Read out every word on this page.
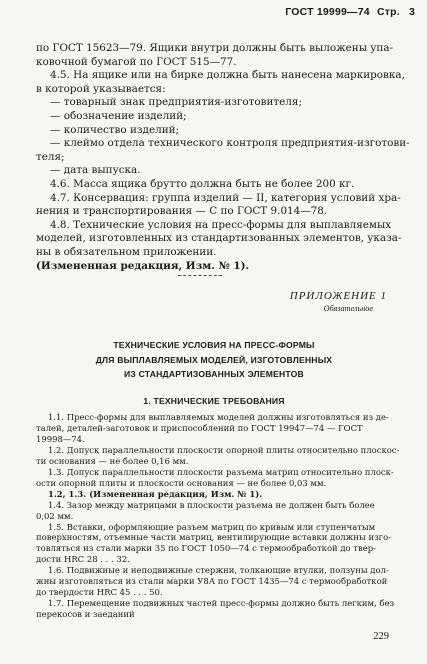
ГОСТ 19999—74 Стр. 3
по ГОСТ 15623—79. Ящики внутри должны быть выложены упа-
ковочной бумагой по ГОСТ 515—77.
4.5. На ящике или на бирке должна быть нанесена маркировка,
в которой указывается:
— товарный знак предприятия-изготовителя;
— обозначение изделий;
— количество изделий;
— клеймо отдела технического контроля предприятия-изготови-
теля;
— дата выпуска.
4.6. Масса ящика брутто должна быть не более 200 кг.
4.7. Консервация: группа изделий — II, категория условий хра-
нения и транспортирования — С по ГОСТ 9.014—78.
4.8. Технические условия на пресс-формы для выплавляемых
моделей, изготовленных из стандартизованных элементов, указа-
ны в обязательном приложении.
(Измененная редакция, Изм. № 1).
ПРИЛОЖЕНИЕ 1
Обязательное
ТЕХНИЧЕСКИЕ УСЛОВИЯ НА ПРЕСС-ФОРМЫ
ДЛЯ ВЫПЛАВЛЯЕМЫХ МОДЕЛЕЙ, ИЗГОТОВЛЕННЫХ
ИЗ СТАНДАРТИЗОВАННЫХ ЭЛЕМЕНТОВ
1. ТЕХНИЧЕСКИЕ ТРЕБОВАНИЯ
1.1. Пресс-формы для выплавляемых моделей должны изготовляться из де-
талей, деталей-заготовок и приспособлений по ГОСТ 19947—74 — ГОСТ
19998—74.
1.2. Допуск параллельности плоскости опорной плиты относительно плоскос-
ти основания — не более 0,16 мм.
1.3. Допуск параллельности плоскости разъема матриц относительно плоск-
ости опорной плиты и плоскости основания — не более 0,03 мм.
1.2, 1.3. (Измененная редакция, Изм. № 1).
1.4. Зазор между матрицами в плоскости разъема не должен быть более
0,02 мм.
1.5. Вставки, оформляющие разъем матриц по кривым или ступенчатым
поверхностям, отъемные части матриц, вентилирующие вставки должны изго-
товляться из стали марки 35 по ГОСТ 1050—74 с термообработкой до твер-
дости HRC 28 . . . 32.
1.6. Подвижные и неподвижные стержни, толкающие втулки, ползуны дол-
жны изготовляться из стали марки У8А по ГОСТ 1435—74 с термообработкой
до твердости HRC 45 . . . 50.
1.7. Перемещение подвижных частей пресс-формы должно быть легким, без
перекосов и заеданий
229
